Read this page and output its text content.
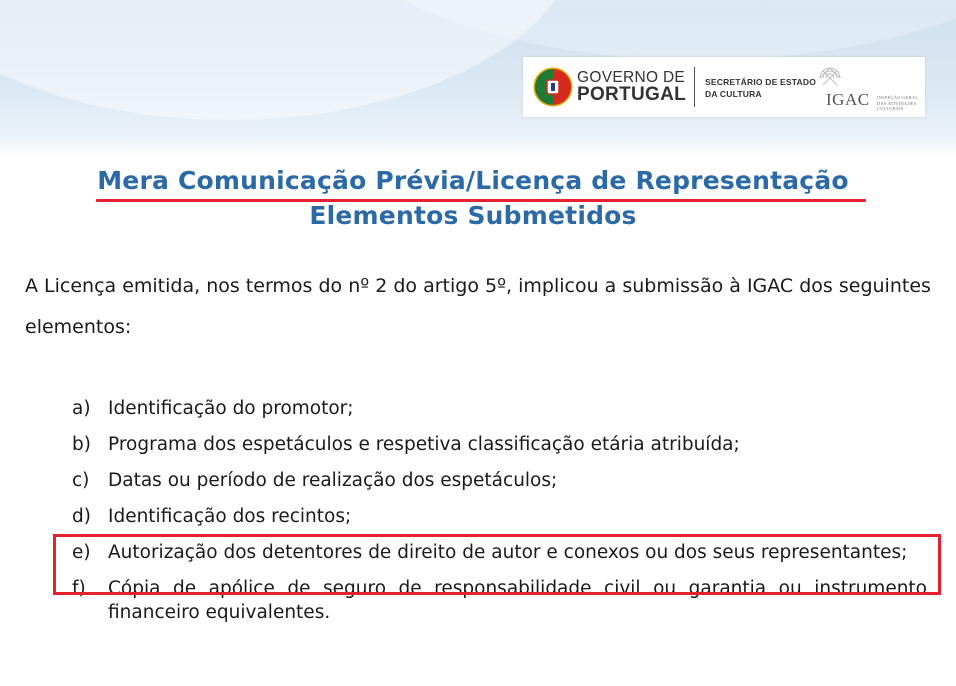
GOVERNO DE
PORTUGAL
SECRETÁRIO DE ESTADO
DA CULTURA	IGAC INSPEÇÃO-GERAL DAS ATIVIDADES CULTURAIS
Mera Comunicação Prévia/Licença de Representação
Elementos Submetidos
A Licença emitida, nos termos do nº 2 do artigo 5º, implicou a submissão à IGAC dos seguintes elementos:
a) Identificação do promotor;
b) Programa dos espetáculos e respetiva classificação etária atribuída;
c) Datas ou período de realização dos espetáculos;
d) Identificação dos recintos;
e) Autorização dos detentores de direito de autor e conexos ou dos seus representantes;
f) Cópia de apólice de seguro de responsabilidade civil ou garantia ou instrumento financeiro equivalentes.
